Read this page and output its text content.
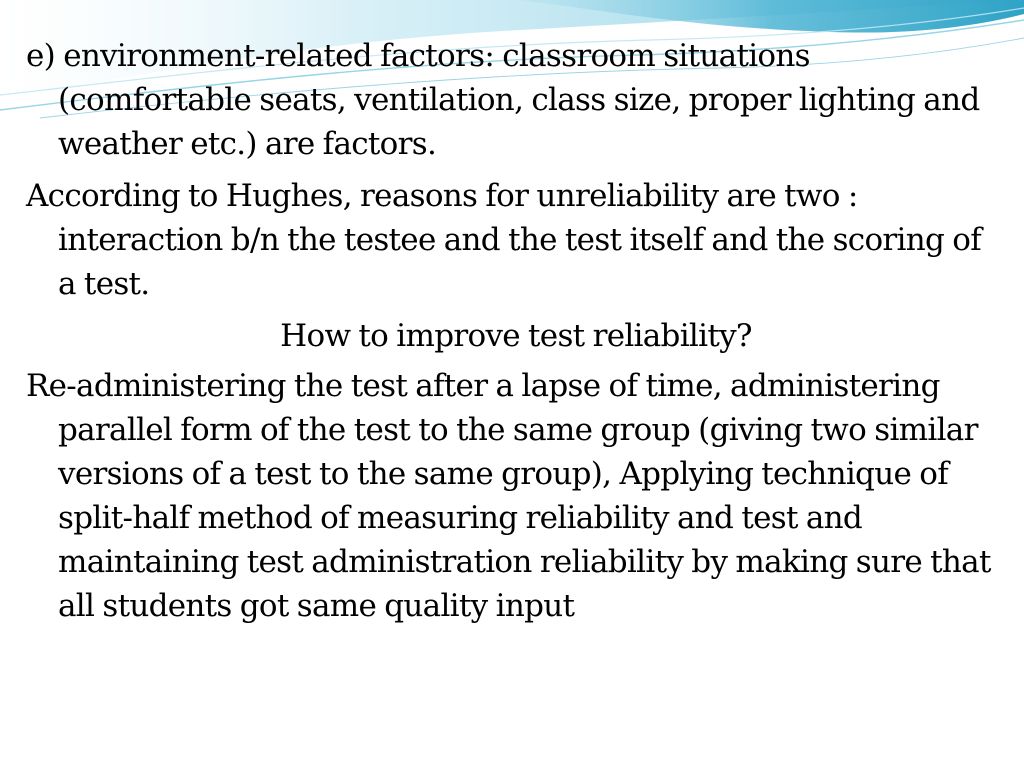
e) environment-related factors: classroom situations (comfortable seats, ventilation, class size, proper lighting and weather etc.) are factors.

According to Hughes, reasons for unreliability are two : interaction b/n the testee and the test itself and the scoring of a test.

How to improve test reliability?

Re-administering the test after a lapse of time, administering parallel form of the test to the same group (giving two similar versions of a test to the same group), Applying technique of split-half method of measuring reliability and test and maintaining test administration reliability by making sure that all students got same quality input
